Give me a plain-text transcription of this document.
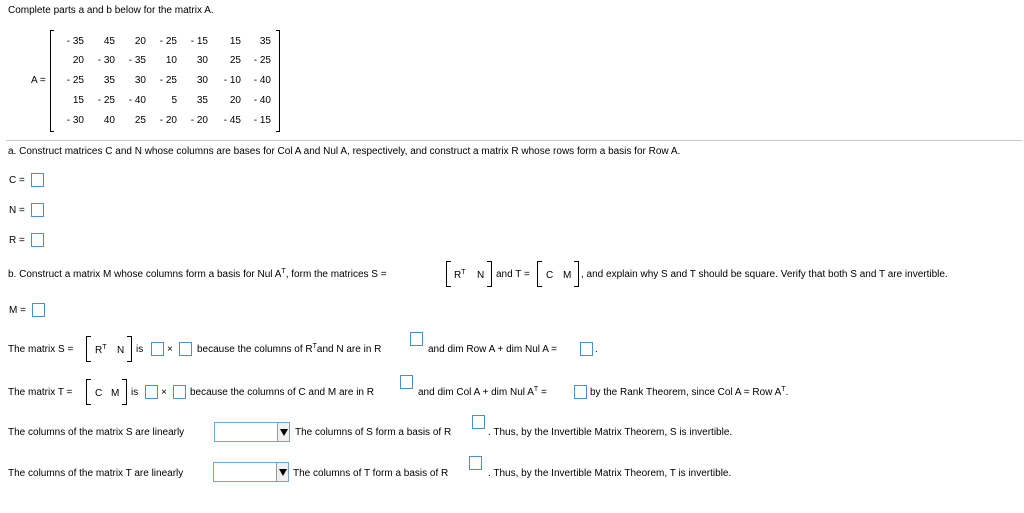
Complete parts a and b below for the matrix A.
A =
- 35	45	20	- 25	- 15	15	35
20	- 30	- 35	10	30	25	- 25
- 25	35	30	- 25	30	- 10	- 40
15	- 25	- 40	5	35	20	- 40
- 30	40	25	- 20	- 20	- 45	- 15
a. Construct matrices C and N whose columns are bases for Col A and Nul A, respectively, and construct a matrix R whose rows form a basis for Row A.
C =
N =
R =
b. Construct a matrix M whose columns form a basis for Nul $A^T$, form the matrices S =	$R^T$ N and T = C M , and explain why S and T should be square. Verify that both S and T are invertible.
M =
The matrix $S = R^T$ N is × because the columns of $R^Tand$ N are in R	and dim Row A + dim Nul A =	.
The matrix T = C M is × because the columns of C and M are in R	and dim Col A + dim Nul $A^T$ =	by the Rank Theorem, since Col A = Row $A^T$.
The columns of the matrix S are linearly	The columns of S form a basis of R	. Thus, by the Invertible Matrix Theorem, S is invertible.
The columns of the matrix T are linearly	The columns of T form a basis of R	. Thus, by the Invertible Matrix Theorem, T is invertible.
